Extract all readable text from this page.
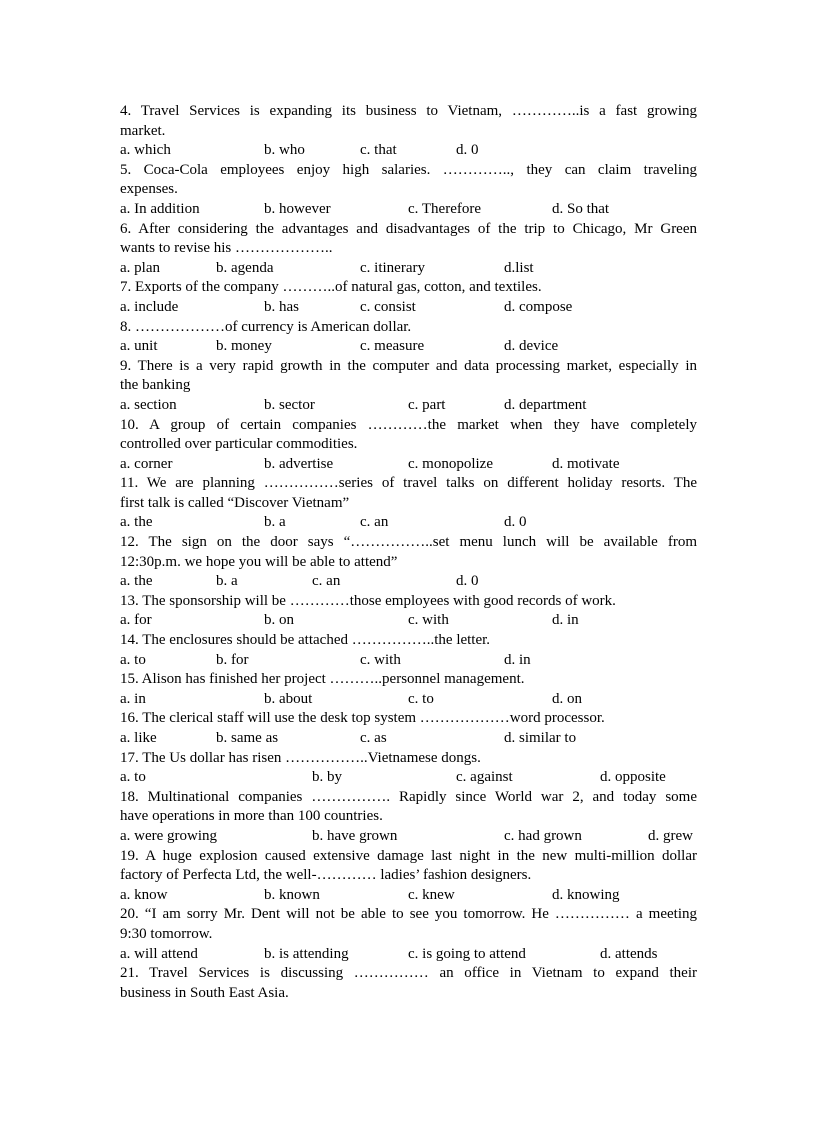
4. Travel Services is expanding its business to Vietnam, …………..is a fast growing
market.
a. which	b. who	c. that	d. 0
5. Coca-Cola employees enjoy high salaries. ………….., they can claim traveling
expenses.
a. In addition	b. however	c. Therefore	d. So that
6. After considering the advantages and disadvantages of the trip to Chicago, Mr Green
wants to revise his ………………..
a. plan	b. agenda	c. itinerary	d.list
7. Exports of the company ………..of natural gas, cotton, and textiles.
a. include	b. has	c. consist	d. compose
8. ………………of currency is American dollar.
a. unit	b. money	c. measure	d. device
9. There is a very rapid growth in the computer and data processing market, especially in
the banking
a. section	b. sector	c. part	d. department
10. A group of certain companies …………the market when they have completely
controlled over particular commodities.
a. corner	b. advertise	c. monopolize	d. motivate
11. We are planning ……………series of travel talks on different holiday resorts. The
first talk is called “Discover Vietnam”
a. the	b. a	c. an	d. 0
12. The sign on the door says “……………..set menu lunch will be available from
12:30p.m. we hope you will be able to attend”
a. the	b. a	c. an	d. 0
13. The sponsorship will be …………those employees with good records of work.
a. for	b. on	c. with	d. in
14. The enclosures should be attached ……………..the letter.
a. to	b. for	c. with	d. in
15. Alison has finished her project ………..personnel management.
a. in	b. about	c. to	d. on
16. The clerical staff will use the desk top system ………………word processor.
a. like	b. same as	c. as	d. similar to
17. The Us dollar has risen ……………..Vietnamese dongs.
a. to	b. by	c. against	d. opposite
18. Multinational companies ……………. Rapidly since World war 2, and today some
have operations in more than 100 countries.
a. were growing	b. have grown	c. had grown	d. grew
19. A huge explosion caused extensive damage last night in the new multi-million dollar
factory of Perfecta Ltd, the well-………… ladies’ fashion designers.
a. know	b. known	c. knew	d. knowing
20. “I am sorry Mr. Dent will not be able to see you tomorrow. He …………… a meeting
9:30 tomorrow.
a. will attend	b. is attending	c. is going to attend	d. attends
21. Travel Services is discussing …………… an office in Vietnam to expand their
business in South East Asia.
